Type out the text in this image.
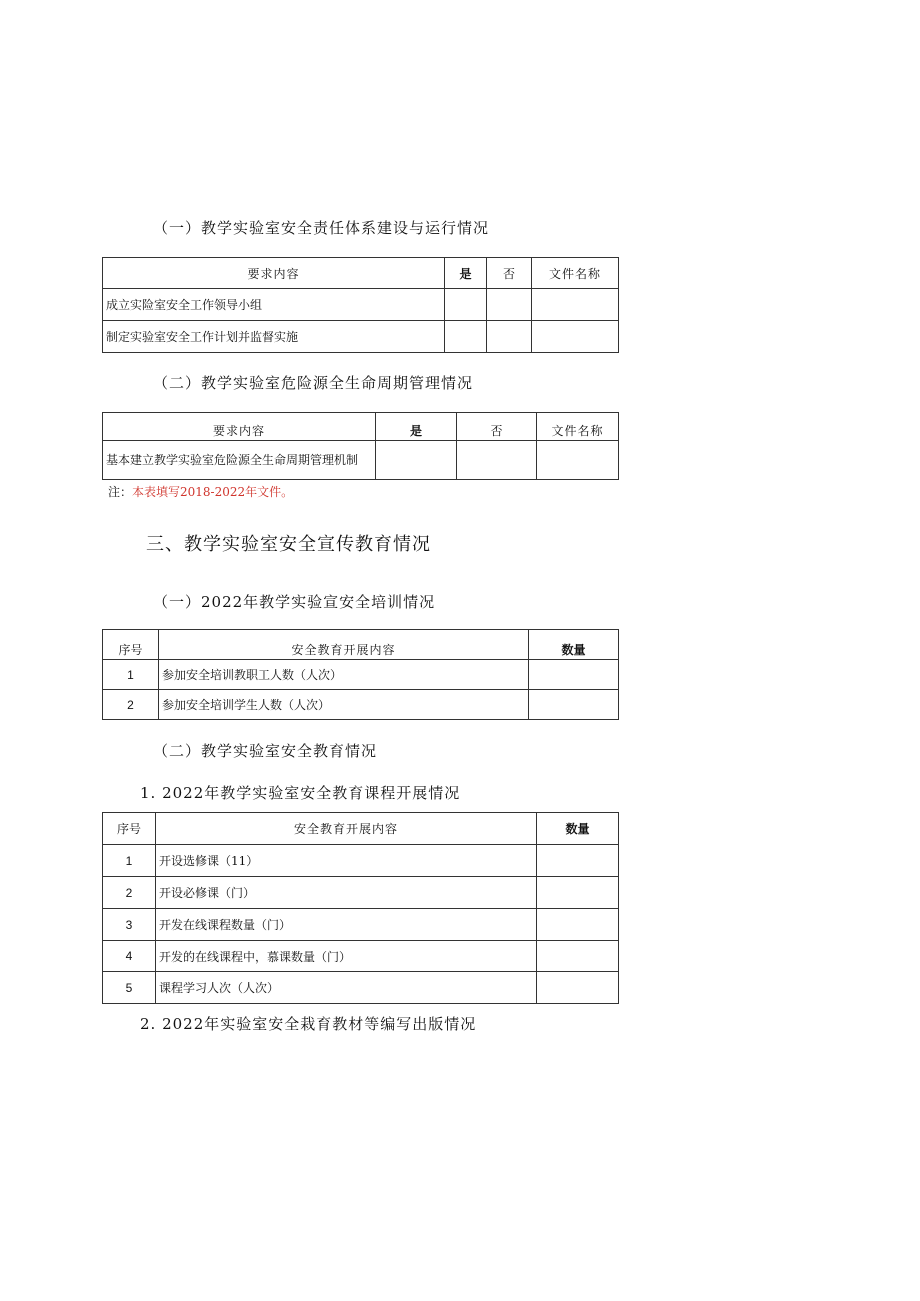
（一）教学实验室安全责任体系建设与运行情况
要求内容	是	否	文件名称
成立实险室安全工作领导小组			
制定实验室安全工作计划并监督实施			
（二）教学实验室危险源全生命周期管理情况
要求内容	是	否	文件名称
基本建立教学实验室危险源全生命周期管理机制			
注：本表填写2018-2022年文件。
三、教学实验室安全宣传教育情况
（一）2022年教学实验宣安全培训情况
序号	安全教育开展内容	数量
1	参加安全培训教职工人数（人次）	
2	参加安全培训学生人数（人次）	
（二）教学实验室安全教育情况
1. 2022年教学实验室安全教育课程开展情况
序号	安全教育开展内容	数量
1	开设选修课（11）	
2	开设必修课（门）	
3	开发在线课程数量（门）	
4	开发的在线课程中，慕课数量（门）	
5	课程学习人次（人次）	
2. 2022年实验室安全栽育教材等编写出版情况
